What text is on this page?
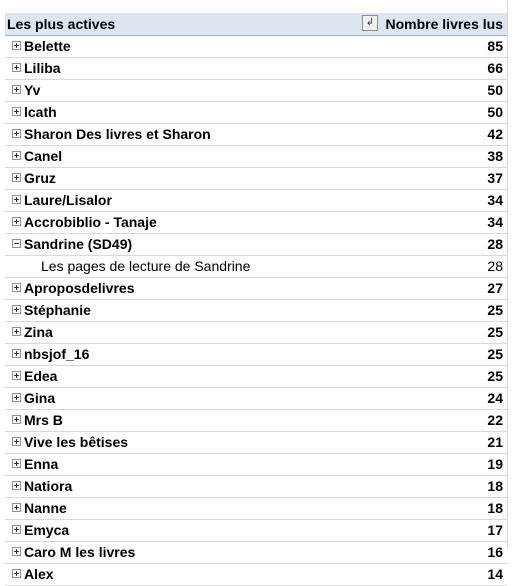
Les plus actives	↲ Nombre livres lus
Belette	85
Liliba	66
Yv	50
lcath	50
Sharon Des livres et Sharon	42
Canel	38
Gruz	37
Laure/Lisalor	34
Accrobiblio - Tanaje	34
Sandrine (SD49)	28
Les pages de lecture de Sandrine	28
Aproposdelivres	27
Stéphanie	25
Zina	25
nbsjof_16	25
Edea	25
Gina	24
Mrs B	22
Vive les bêtises	21
Enna	19
Natiora	18
Nanne	18
Emyca	17
Caro M les livres	16
Alex	14
